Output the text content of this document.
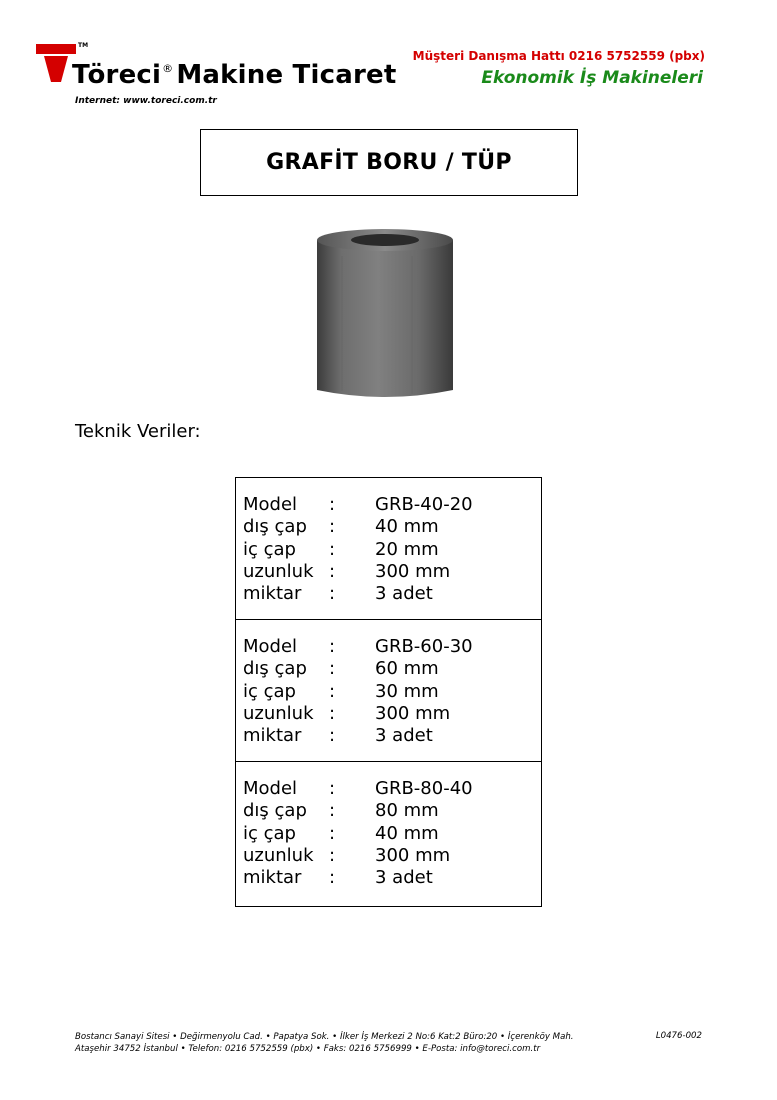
TM
Töreci® Makine Ticaret
Internet: www.toreci.com.tr
Müşteri Danışma Hattı 0216 5752559 (pbx)
Ekonomik İş Makineleri
GRAFİT BORU / TÜP
Teknik Veriler:
Model : GRB-40-20
dış çap : 40 mm
iç çap : 20 mm
uzunluk : 300 mm
miktar : 3 adet
Model : GRB-60-30
dış çap : 60 mm
iç çap : 30 mm
uzunluk : 300 mm
miktar : 3 adet
Model : GRB-80-40
dış çap : 80 mm
iç çap : 40 mm
uzunluk : 300 mm
miktar : 3 adet
Bostancı Sanayi Sitesi • Değirmenyolu Cad. • Papatya Sok. • İlker İş Merkezi 2 No:6 Kat:2 Büro:20 • İçerenköy Mah.
Ataşehir 34752 İstanbul • Telefon: 0216 5752559 (pbx) • Faks: 0216 5756999 • E-Posta: info@toreci.com.tr
L0476-002
